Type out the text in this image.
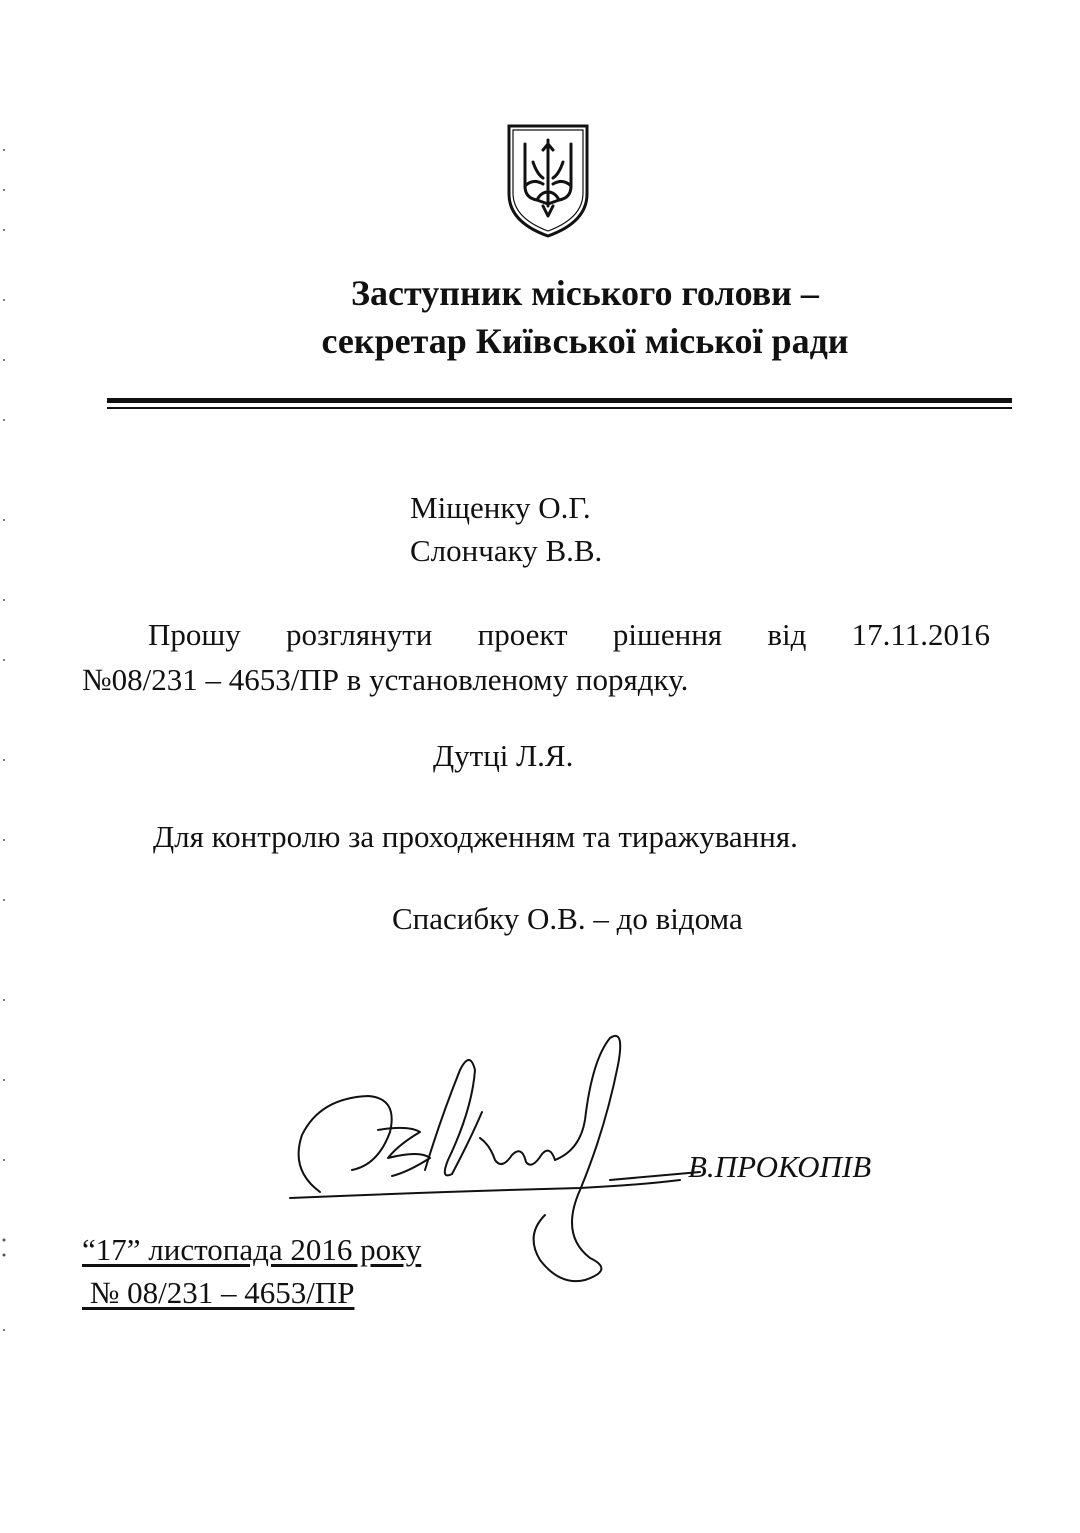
Заступник міського голови –
секретар Київської міської ради
Міщенку О.Г.
Слончаку В.В.
Прошу розглянути проект рішення від 17.11.2016
№08/231 – 4653/ПР в установленому порядку.
Дутці Л.Я.
Для контролю за проходженням та тиражування.
Спасибку О.В. – до відома
В.ПРОКОПІВ
“17” листопада 2016 року
№ 08/231 – 4653/ПР
